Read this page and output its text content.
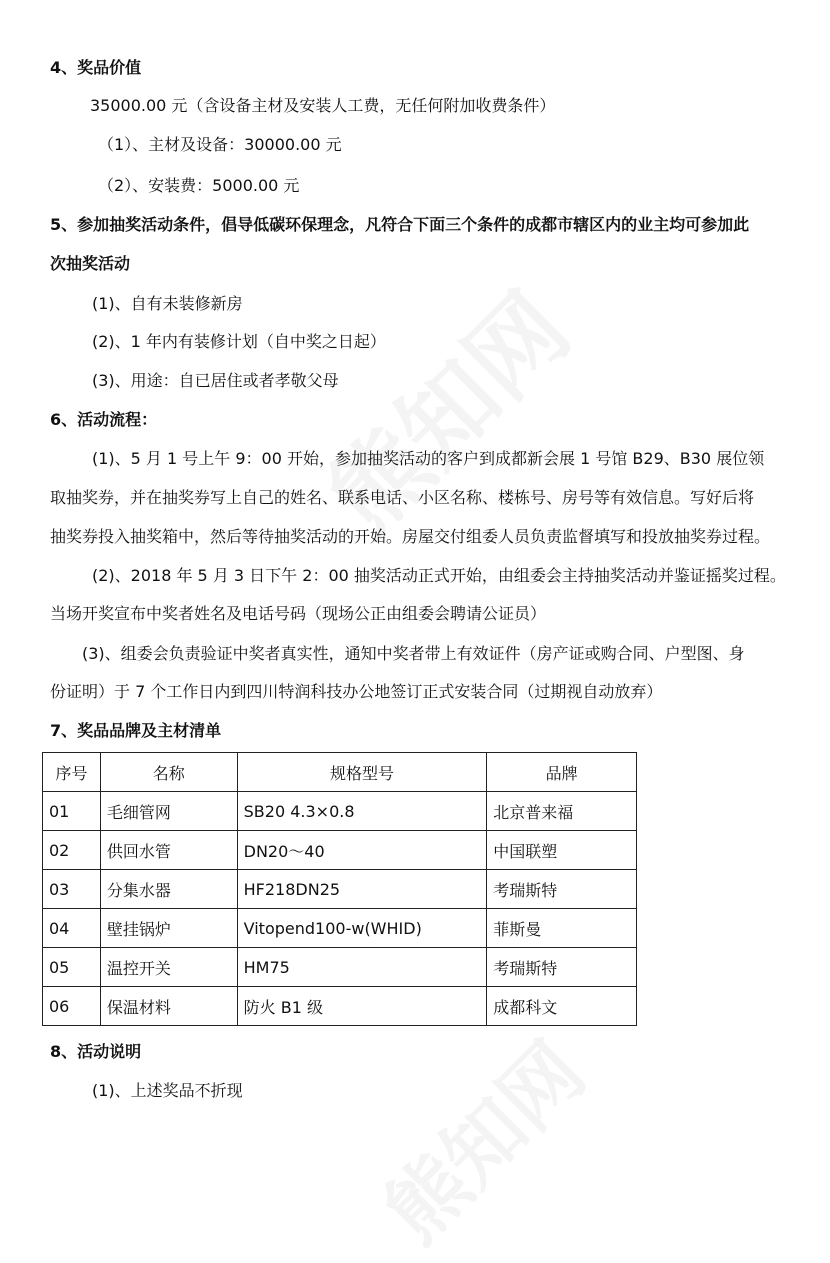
4、奖品价值
35000.00 元（含设备主材及安装人工费，无任何附加收费条件）
（1）、主材及设备：30000.00 元
（2）、安装费：5000.00 元
5、参加抽奖活动条件，倡导低碳环保理念，凡符合下面三个条件的成都市辖区内的业主均可参加此
次抽奖活动
(1)、自有未装修新房
(2)、1 年内有装修计划（自中奖之日起）
(3)、用途：自已居住或者孝敬父母
6、活动流程：
(1)、5 月 1 号上午 9：00 开始，参加抽奖活动的客户到成都新会展 1 号馆 B29、B30 展位领
取抽奖券，并在抽奖券写上自己的姓名、联系电话、小区名称、楼栋号、房号等有效信息。写好后将
抽奖券投入抽奖箱中，然后等待抽奖活动的开始。房屋交付组委人员负责监督填写和投放抽奖券过程。
(2)、2018 年 5 月 3 日下午 2：00 抽奖活动正式开始，由组委会主持抽奖活动并鉴证摇奖过程。
当场开奖宣布中奖者姓名及电话号码（现场公正由组委会聘请公证员）
(3)、组委会负责验证中奖者真实性，通知中奖者带上有效证件（房产证或购合同、户型图、身
份证明）于 7 个工作日内到四川特润科技办公地签订正式安装合同（过期视自动放弃）
7、奖品品牌及主材清单
序号	名称	规格型号	品牌
01	毛细管网	SB20 4.3×0.8	北京普来福
02	供回水管	DN20～40	中国联塑
03	分集水器	HF218DN25	考瑞斯特
04	壁挂锅炉	Vitopend100-w(WHID)	菲斯曼
05	温控开关	HM75	考瑞斯特
06	保温材料	防火 B1 级	成都科文
8、活动说明
(1)、上述奖品不折现
